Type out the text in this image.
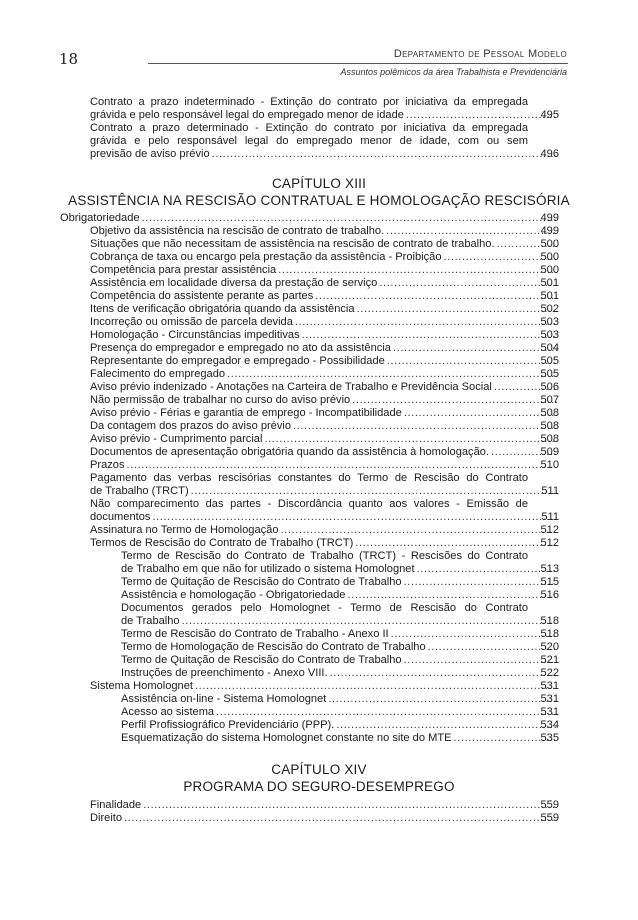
18	Departamento de Pessoal Modelo
Assuntos polêmicos da área Trabalhista e Previdenciária
Contrato a prazo indeterminado - Extinção do contrato por iniciativa da empregada
grávida e pelo responsável legal do empregado menor de idade .....	495
Contrato a prazo determinado - Extinção do contrato por iniciativa da empregada
grávida e pelo responsável legal do empregado menor de idade, com ou sem
previsão de aviso prévio .....	496
CAPÍTULO XIII
ASSISTÊNCIA NA RESCISÃO CONTRATUAL E HOMOLOGAÇÃO RESCISÓRIA
Obrigatoriedade .....	499
Objetivo da assistência na rescisão de contrato de trabalho. .....	499
Situações que não necessitam de assistência na rescisão de contrato de trabalho. .....	500
Cobrança de taxa ou encargo pela prestação da assistência - Proibição .....	500
Competência para prestar assistência .....	500
Assistência em localidade diversa da prestação de serviço .....	501
Competência do assistente perante as partes .....	501
Itens de verificação obrigatória quando da assistência .....	502
Incorreção ou omissão de parcela devida .....	503
Homologação - Circunstâncias impeditivas .....	503
Presença do empregador e empregado no ato da assistência .....	504
Representante do empregador e empregado - Possibilidade .....	505
Falecimento do empregado .....	505
Aviso prévio indenizado - Anotações na Carteira de Trabalho e Previdência Social .....	506
Não permissão de trabalhar no curso do aviso prévio .....	507
Aviso prévio - Férias e garantia de emprego - Incompatibilidade .....	508
Da contagem dos prazos do aviso prévio .....	508
Aviso prévio - Cumprimento parcial .....	508
Documentos de apresentação obrigatória quando da assistência à homologação. .....	509
Prazos .....	510
Pagamento das verbas rescisórias constantes do Termo de Rescisão do Contrato
de Trabalho (TRCT) .....	511
Não comparecimento das partes - Discordância quanto aos valores - Emissão de
documentos .....	511
Assinatura no Termo de Homologação .....	512
Termos de Rescisão do Contrato de Trabalho (TRCT) .....	512
Termo de Rescisão do Contrato de Trabalho (TRCT) - Rescisões do Contrato
de Trabalho em que não for utilizado o sistema Homolognet .....	513
Termo de Quitação de Rescisão do Contrato de Trabalho .....	515
Assistência e homologação - Obrigatoriedade .....	516
Documentos gerados pelo Homolognet - Termo de Rescisão do Contrato
de Trabalho .....	518
Termo de Rescisão do Contrato de Trabalho - Anexo II .....	518
Termo de Homologação de Rescisão do Contrato de Trabalho .....	520
Termo de Quitação de Rescisão do Contrato de Trabalho .....	521
Instruções de preenchimento - Anexo VIII. .....	522
Sistema Homolognet .....	531
Assistência on-line - Sistema Homolognet .....	531
Acesso ao sistema .....	531
Perfil Profissiográfico Previdenciário (PPP). .....	534
Esquematização do sistema Homolognet constante no site do MTE .....	535
CAPÍTULO XIV
PROGRAMA DO SEGURO-DESEMPREGO
Finalidade .....	559
Direito .....	559
